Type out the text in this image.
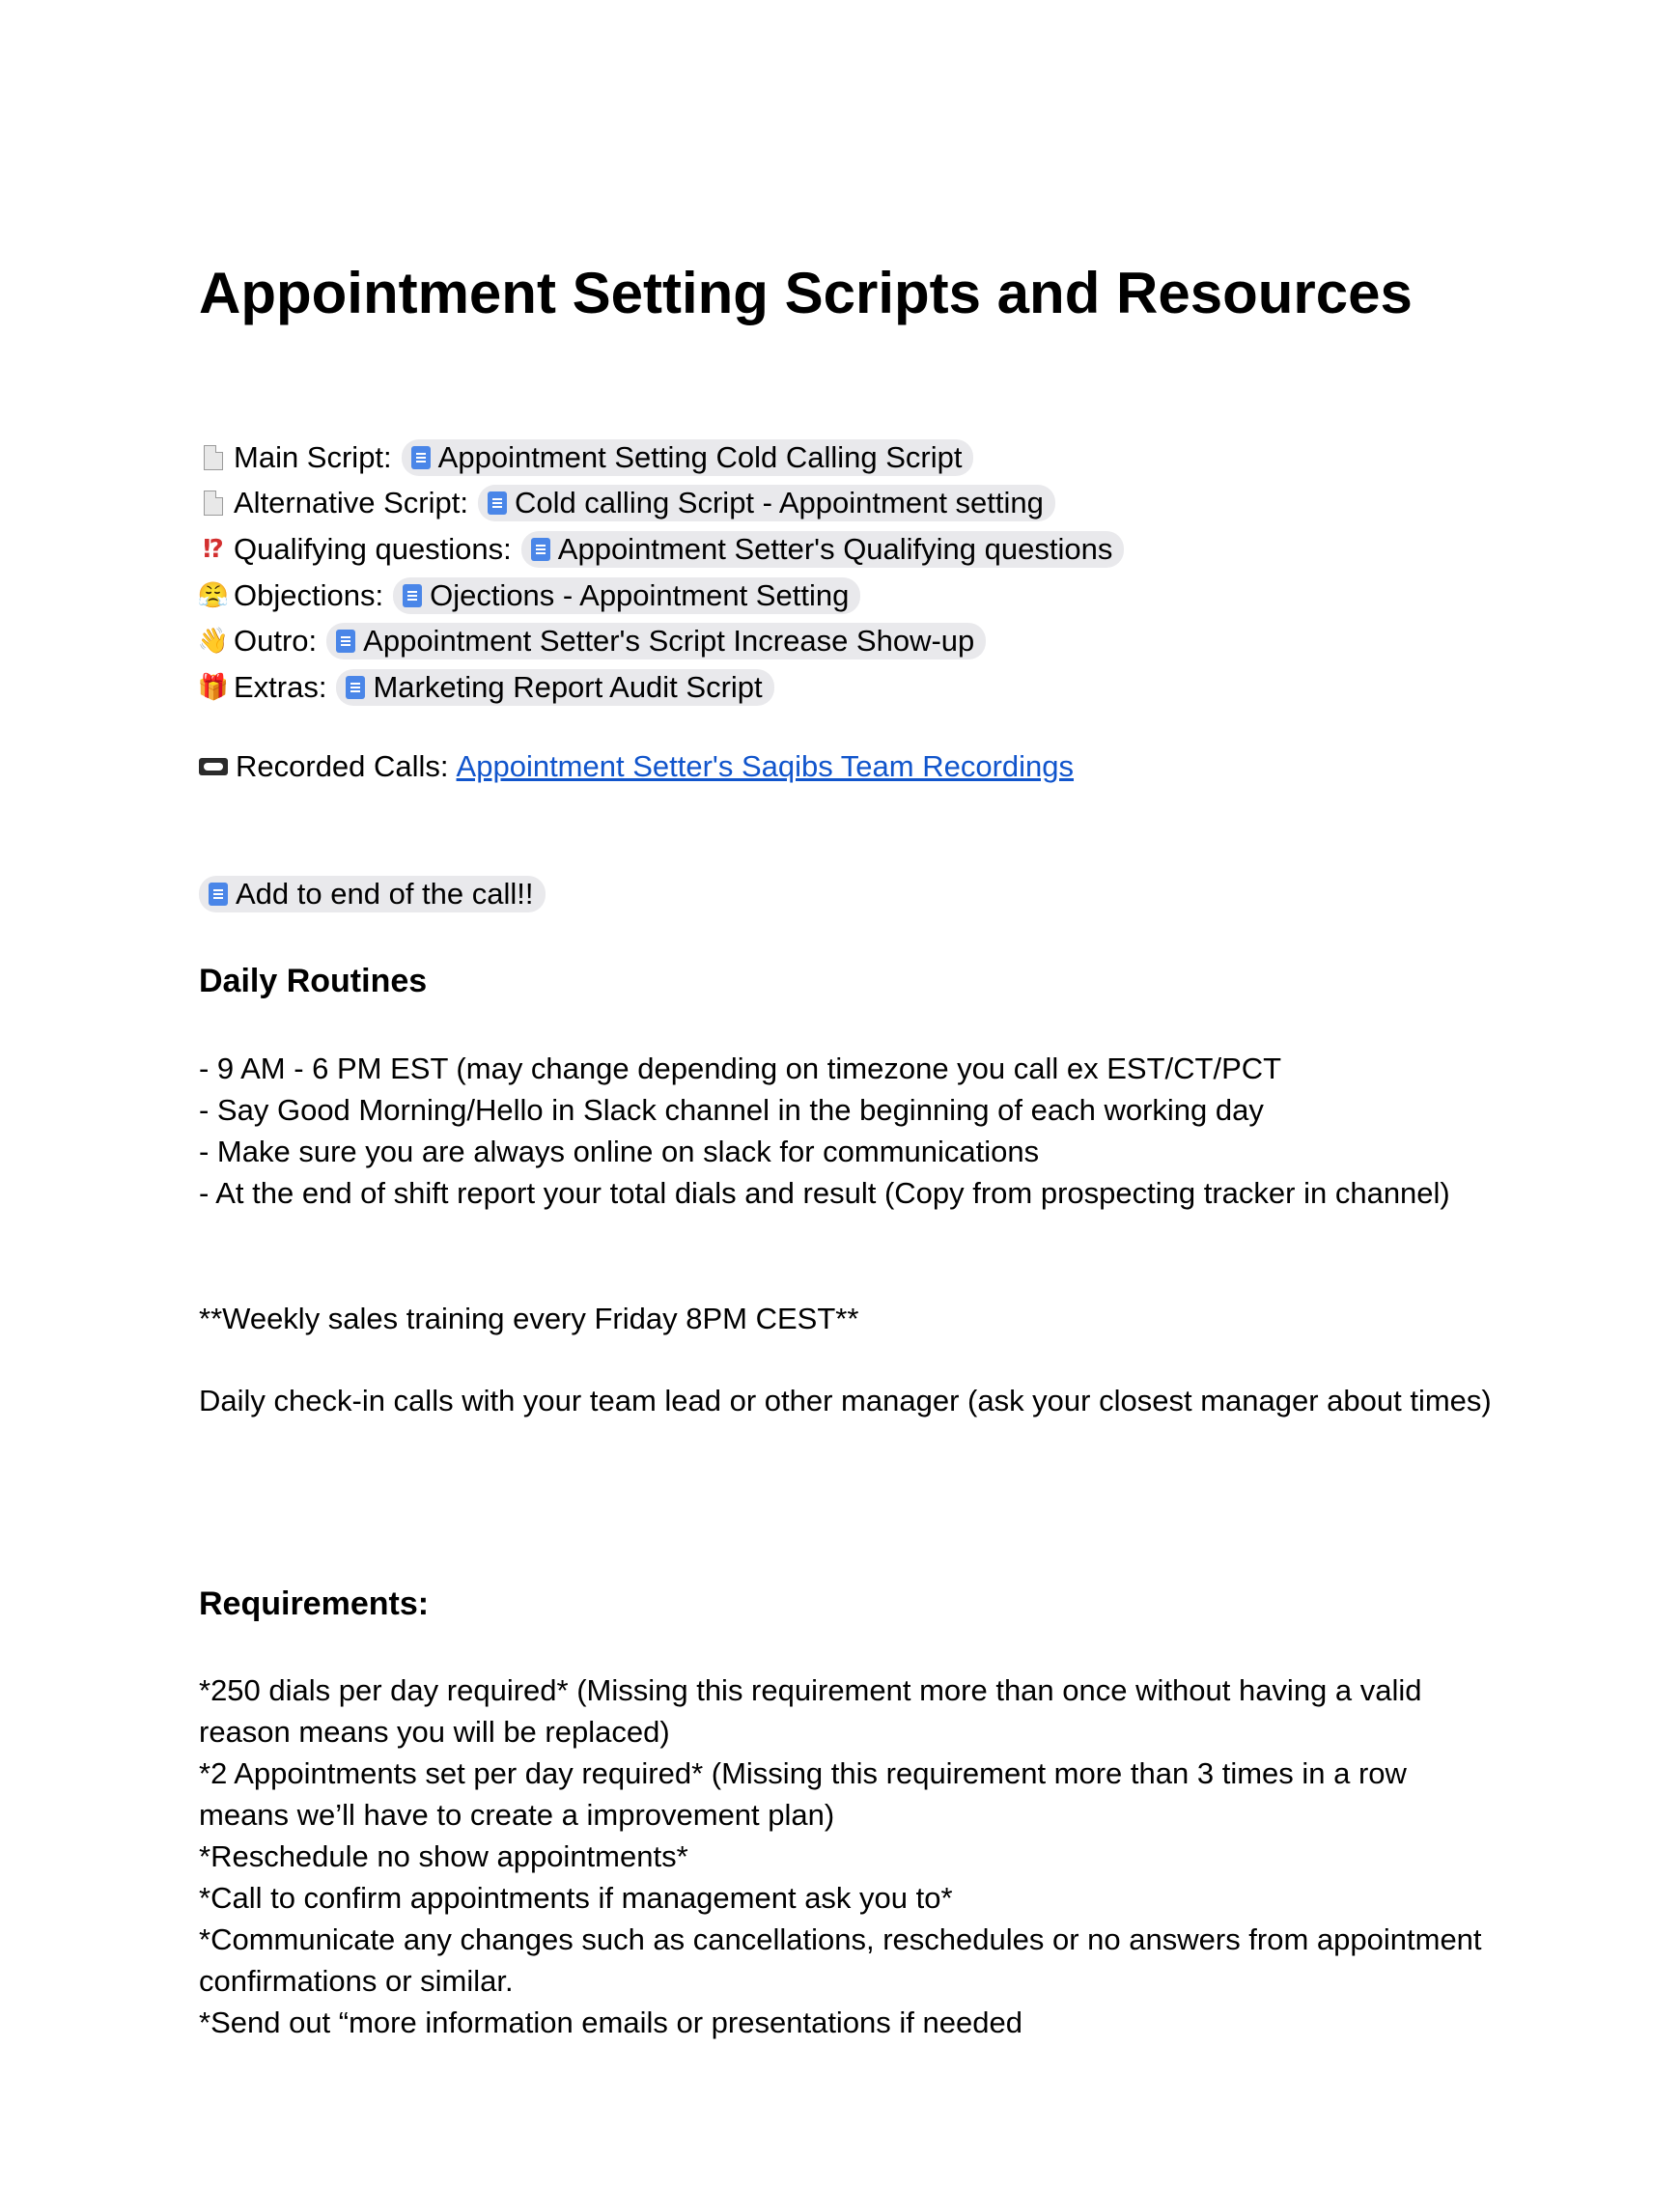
Appointment Setting Scripts and Resources
Main Script: Appointment Setting Cold Calling Script
Alternative Script: Cold calling Script - Appointment setting
⁉ Qualifying questions: Appointment Setter's Qualifying questions
😤 Objections: Ojections - Appointment Setting
👋 Outro: Appointment Setter's Script Increase Show-up
🎁 Extras: Marketing Report Audit Script
Recorded Calls: Appointment Setter's Saqibs Team Recordings
Add to end of the call!!
Daily Routines
- 9 AM - 6 PM EST (may change depending on timezone you call ex EST/CT/PCT
- Say Good Morning/Hello in Slack channel in the beginning of each working day
- Make sure you are always online on slack for communications
- At the end of shift report your total dials and result (Copy from prospecting tracker in channel)
**Weekly sales training every Friday 8PM CEST**
Daily check-in calls with your team lead or other manager (ask your closest manager about times)
Requirements:
*250 dials per day required* (Missing this requirement more than once without having a valid reason means you will be replaced)
*2 Appointments set per day required* (Missing this requirement more than 3 times in a row means we’ll have to create a improvement plan)
*Reschedule no show appointments*
*Call to confirm appointments if management ask you to*
*Communicate any changes such as cancellations, reschedules or no answers from appointment confirmations or similar.
*Send out “more information emails or presentations if needed
